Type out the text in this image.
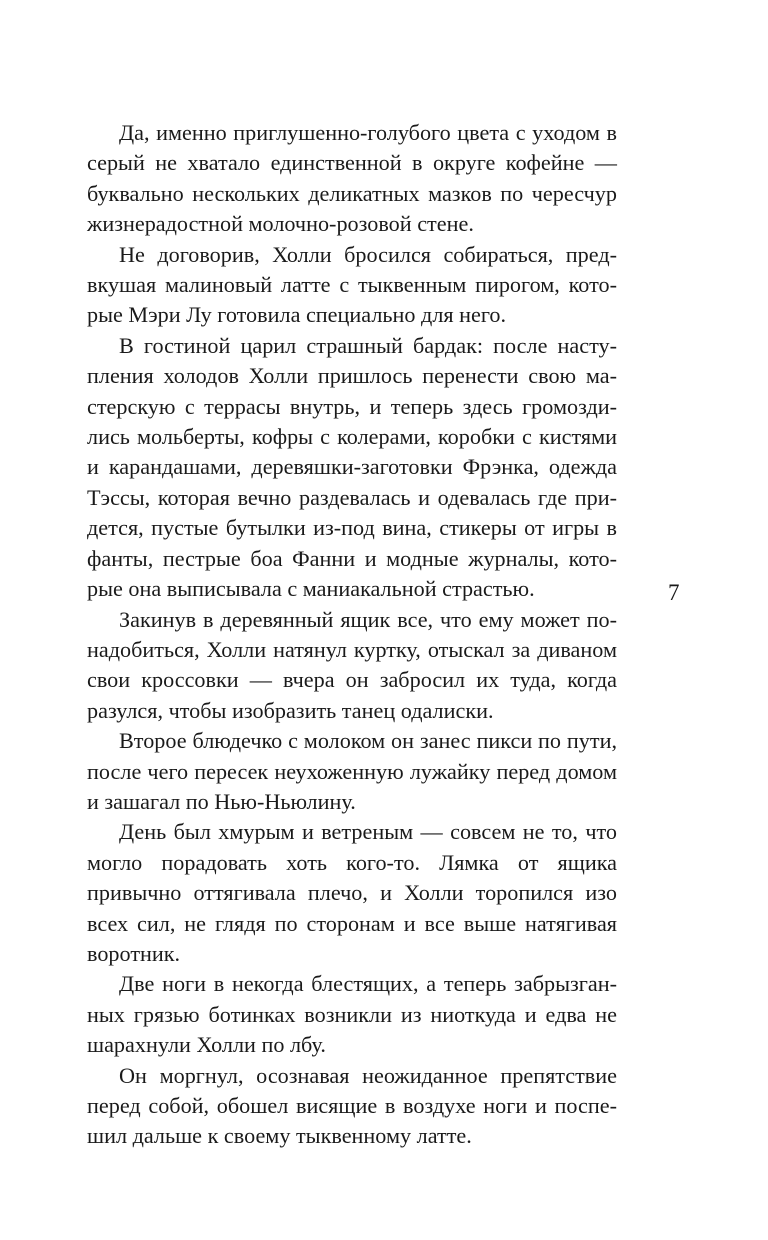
Да, именно приглушенно-голубого цвета с уходом в серый не хватало единственной в округе кофейне — буквально нескольких деликатных мазков по чересчур жизнерадостной молочно-розовой стене.

Не договорив, Холли бросился собираться, предвкушая малиновый латте с тыквенным пирогом, которые Мэри Лу готовила специально для него.

В гостиной царил страшный бардак: после наступления холодов Холли пришлось перенести свою мастерскую с террасы внутрь, и теперь здесь громоздились мольберты, кофры с колерами, коробки с кистями и карандашами, деревяшки-заготовки Фрэнка, одежда Тэссы, которая вечно раздевалась и одевалась где придется, пустые бутылки из-под вина, стикеры от игры в фанты, пестрые боа Фанни и модные журналы, которые она выписывала с маниакальной страстью.

Закинув в деревянный ящик все, что ему может понадобиться, Холли натянул куртку, отыскал за диваном свои кроссовки — вчера он забросил их туда, когда разулся, чтобы изобразить танец одалиски.

Второе блюдечко с молоком он занес пикси по пути, после чего пересек неухоженную лужайку перед домом и зашагал по Нью-Ньюлину.

День был хмурым и ветреным — совсем не то, что могло порадовать хоть кого-то. Лямка от ящика привычно оттягивала плечо, и Холли торопился изо всех сил, не глядя по сторонам и все выше натягивая воротник.

Две ноги в некогда блестящих, а теперь забрызганных грязью ботинках возникли из ниоткуда и едва не шарахнули Холли по лбу.

Он моргнул, осознавая неожиданное препятствие перед собой, обошел висящие в воздухе ноги и поспешил дальше к своему тыквенному латте.

7
